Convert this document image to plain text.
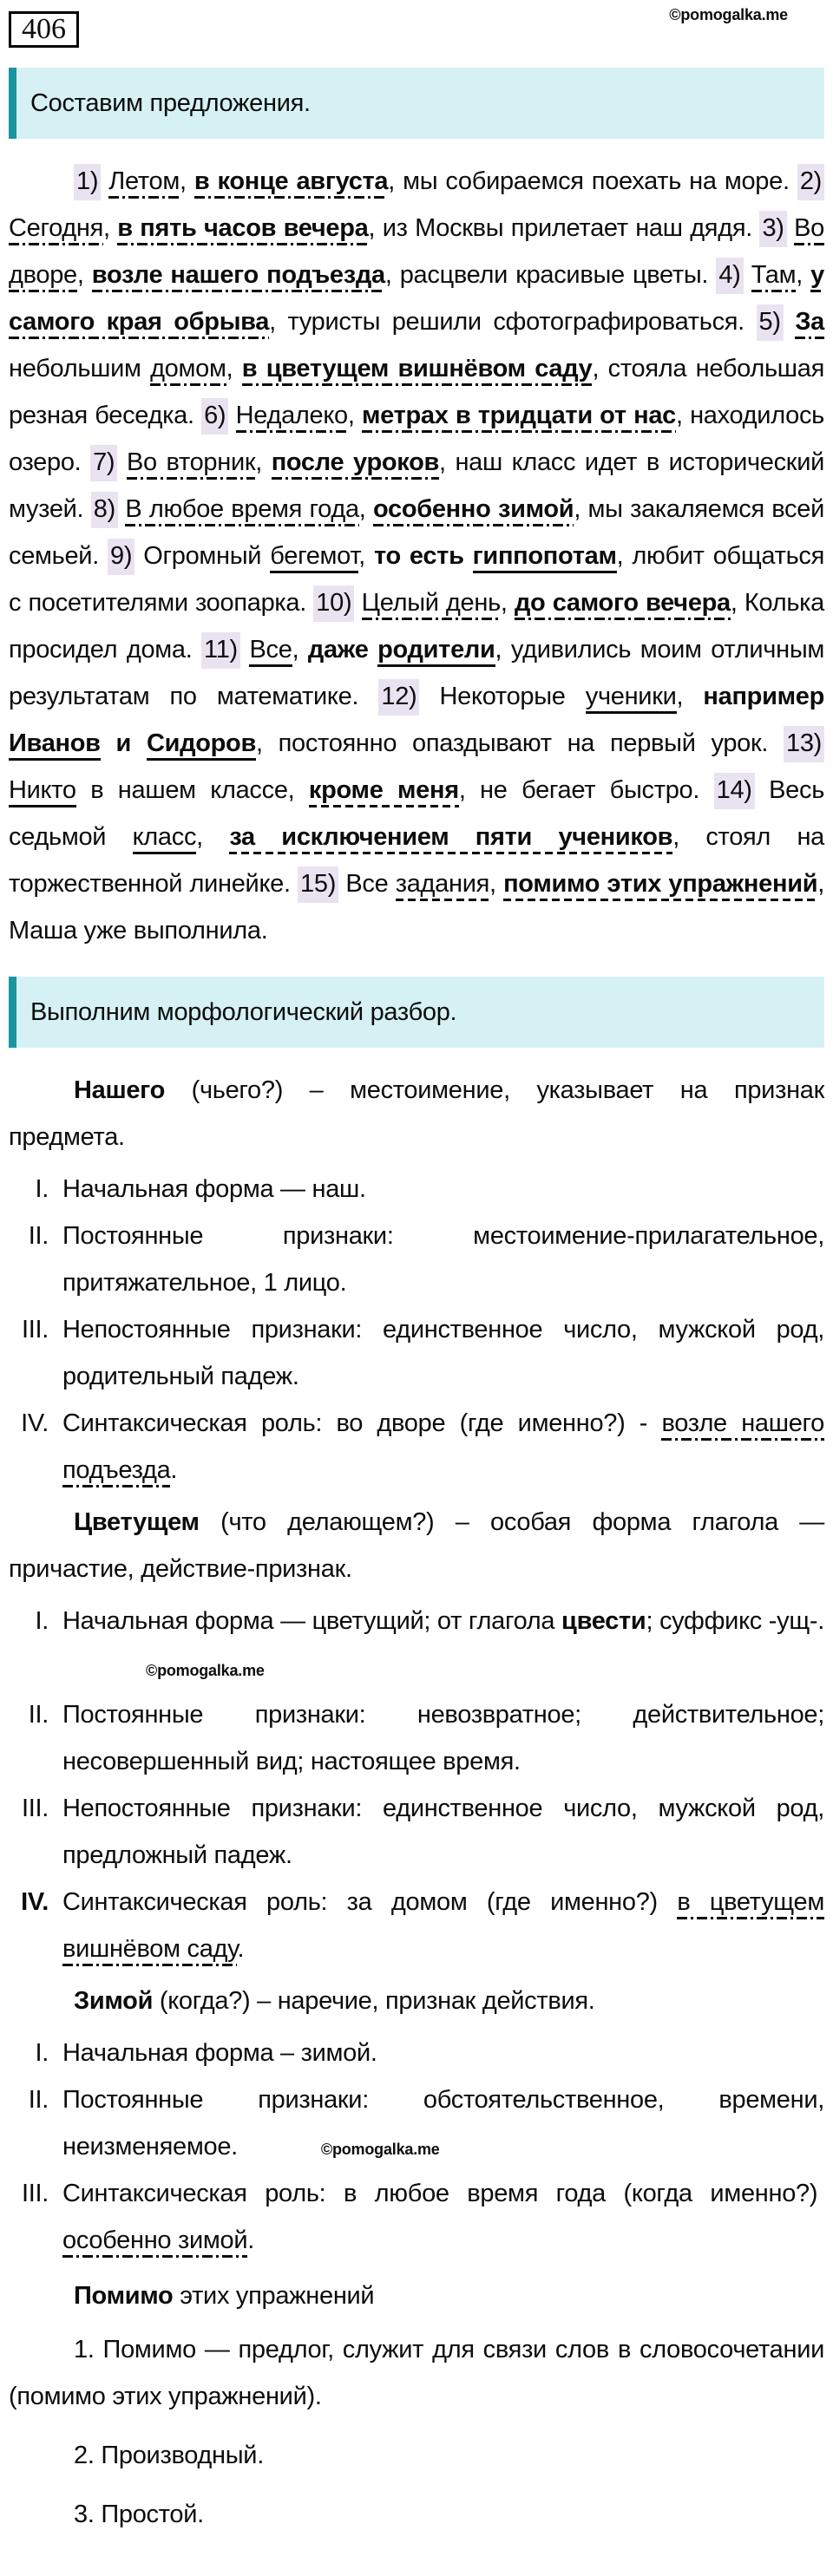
©pomogalka.me
406
Составим предложения.

1) Летом, в конце августа, мы собираемся поехать на море. 2) Сегодня, в пять часов вечера, из Москвы прилетает наш дядя. 3) Во дворе, возле нашего подъезда, расцвели красивые цветы. 4) Там, у самого края обрыва, туристы решили сфотографироваться. 5) За небольшим домом, в цветущем вишнёвом саду, стояла небольшая резная беседка. 6) Недалеко, метрах в тридцати от нас, находилось озеро. 7) Во вторник, после уроков, наш класс идет в исторический музей. 8) В любое время года, особенно зимой, мы закаляемся всей семьей. 9) Огромный бегемот, то есть гиппопотам, любит общаться с посетителями зоопарка. 10) Целый день, до самого вечера, Колька просидел дома. 11) Все, даже родители, удивились моим отличным результатам по математике. 12) Некоторые ученики, например Иванов и Сидоров, постоянно опаздывают на первый урок. 13) Никто в нашем классе, кроме меня, не бегает быстро. 14) Весь седьмой класс, за исключением пяти учеников, стоял на торжественной линейке. 15) Все задания, помимо этих упражнений, Маша уже выполнила.

Выполним морфологический разбор.

Нашего (чьего?) – местоимение, указывает на признак предмета.

I. Начальная форма — наш.
II. Постоянные признаки: местоимение-прилагательное, притяжательное, 1 лицо.
III. Непостоянные признаки: единственное число, мужской род, родительный падеж.
IV. Синтаксическая роль: во дворе (где именно?) - возле нашего подъезда.

Цветущем (что делающем?) – особая форма глагола — причастие, действие-признак.

I. Начальная форма — цветущий; от глагола цвести; суффикс -ущ-.©pomogalka.me
II. Постоянные признаки: невозвратное; действительное; несовершенный вид; настоящее время.
III. Непостоянные признаки: единственное число, мужской род, предложный падеж.
IV. Синтаксическая роль: за домом (где именно?) в цветущем вишнёвом саду.

Зимой (когда?) – наречие, признак действия.

I. Начальная форма – зимой.
II. Постоянные признаки: обстоятельственное, времени, неизменяемое.	©pomogalka.me
III. Синтаксическая роль: в любое время года (когда именно?)  особенно зимой.

Помимо этих упражнений

1. Помимо — предлог, служит для связи слов в словосочетании (помимо этих упражнений).

2. Производный.

3. Простой.
